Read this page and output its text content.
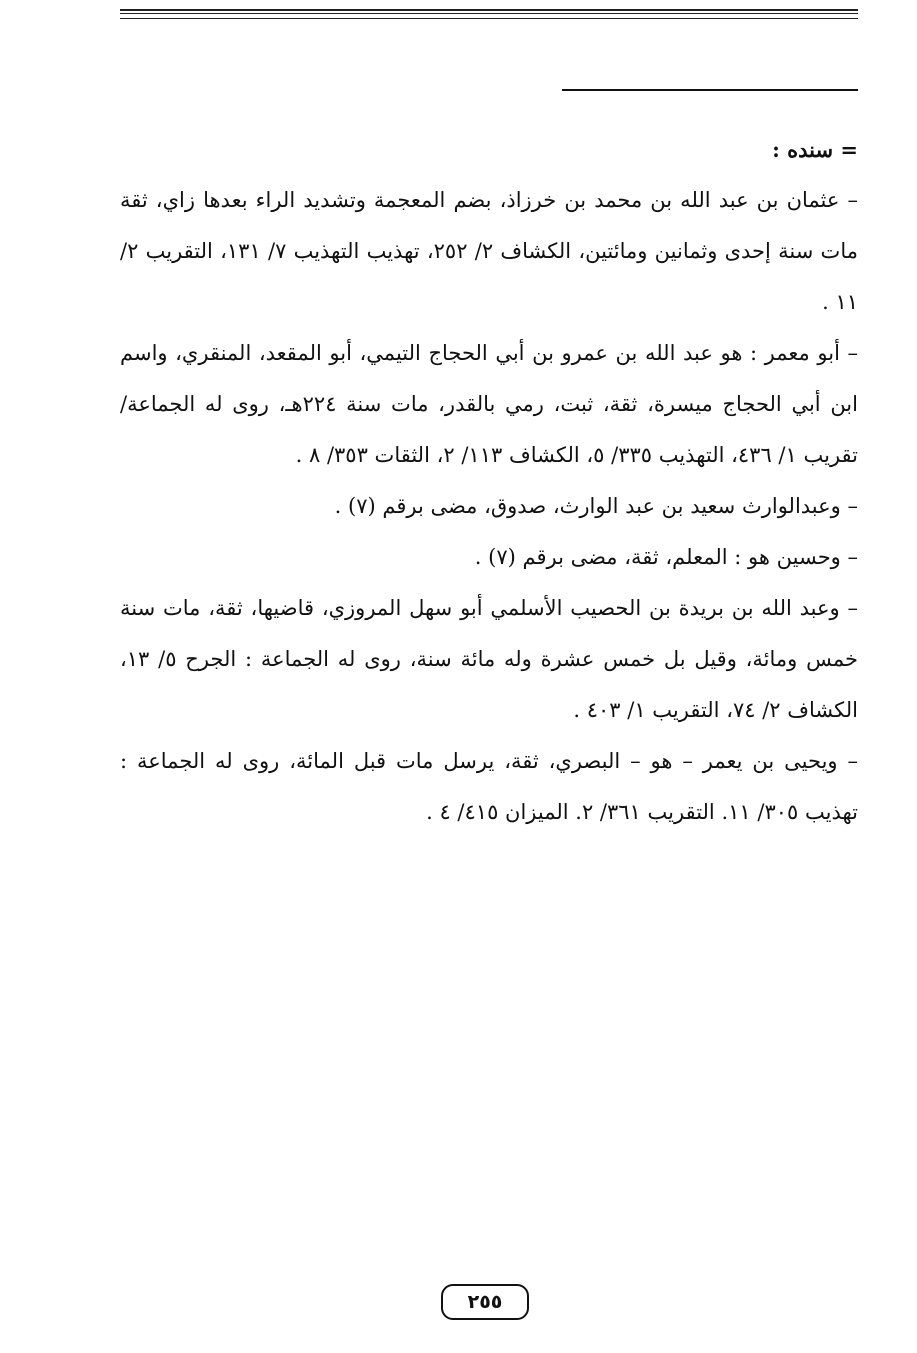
= سنده :

– عثمان بن عبد الله بن محمد بن خرزاذ، بضم المعجمة وتشديد الراء بعدها زاي، ثقة مات سنة إحدى وثمانين ومائتين، الكشاف ٢/ ٢٥٢، تهذيب التهذيب ٧/ ١٣١، التقريب ٢/ ١١ .

– أبو معمر : هو عبد الله بن عمرو بن أبي الحجاج التيمي، أبو المقعد، المنقري، واسم ابن أبي الحجاج ميسرة، ثقة، ثبت، رمي بالقدر، مات سنة ٢٢٤هـ، روى له الجماعة/ تقريب ١/ ٤٣٦، التهذيب ٣٣٥/ ٥، الكشاف ١١٣/ ٢، الثقات ٣٥٣/ ٨ .

– وعبدالوارث سعيد بن عبد الوارث، صدوق، مضى برقم (٧) .

– وحسين هو : المعلم، ثقة، مضى برقم (٧) .

– وعبد الله بن بريدة بن الحصيب الأسلمي أبو سهل المروزي، قاضيها، ثقة، مات سنة خمس ومائة، وقيل بل خمس عشرة وله مائة سنة، روى له الجماعة : الجرح ٥/ ١٣، الكشاف ٢/ ٧٤، التقريب ١/ ٤٠٣ .

– ويحيى بن يعمر – هو – البصري، ثقة، يرسل مات قبل المائة، روى له الجماعة : تهذيب ٣٠٥/ ١١. التقريب ٣٦١/ ٢. الميزان ٤١٥/ ٤ .

٢٥٥
